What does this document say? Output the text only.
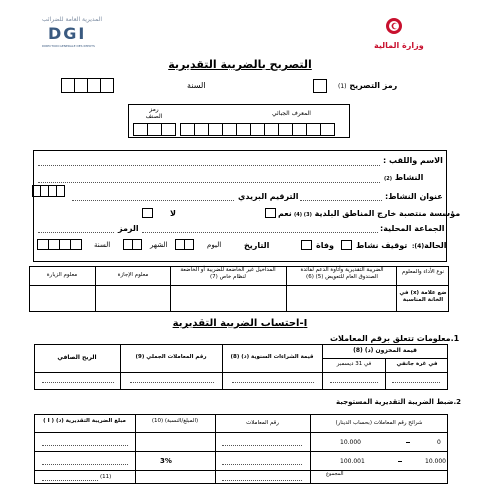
المديرية العامة للضرائب
DGI
DIRECTION GENERALE DES IMPOTS	وزارة المالية
التصريح بالضريبة التقديرية
رمز التصريح (1)
السنة
المعرف الجبائي
رمز
الصنف
الاسم واللقب :
النشاط (2)
عنوان النشاط:
الترقيم البريدي
مؤسسة منتصبة خارج المناطق البلدية (3) (4)
نعم
لا
الجماعة المحلية:
الرمز
الحالة(4):
توقيف نشاط
وفاة
التاريخ
اليوم
الشهر
السنة
نوع الأداء والمعلوم
الضريبة التقديرية وأتاوة الدعم لفائدة الصندوق العام للتعويض (5) (6)
المداخيل غير الخاضعة للضريبة أو الخاضعة لنظام خاص (7)
معلوم الإجازة
معلوم الزيارة
ضع علامة (x) في الخانة المناسبة
I-احتساب الضريبة التقديرية
1.معلومات تتعلق برقم المعاملات
قيمة المخزون (د) (8)
في غرة جانفي
في 31 ديسمبر
قيمة الشراءات السنوية (د) (8)
رقم المعاملات الجملي (9)
الربح الصافي
2.ضبط الضريبة التقديرية المستوجبة
شرائح رقم المعاملات (بحساب الدينار)
رقم المعاملات
(المبلغ/النسبة) (10)
مبلغ الضريبة التقديرية (د) ( I )
0
10.000
10.000
100.001
3%
المجموع
(11)
